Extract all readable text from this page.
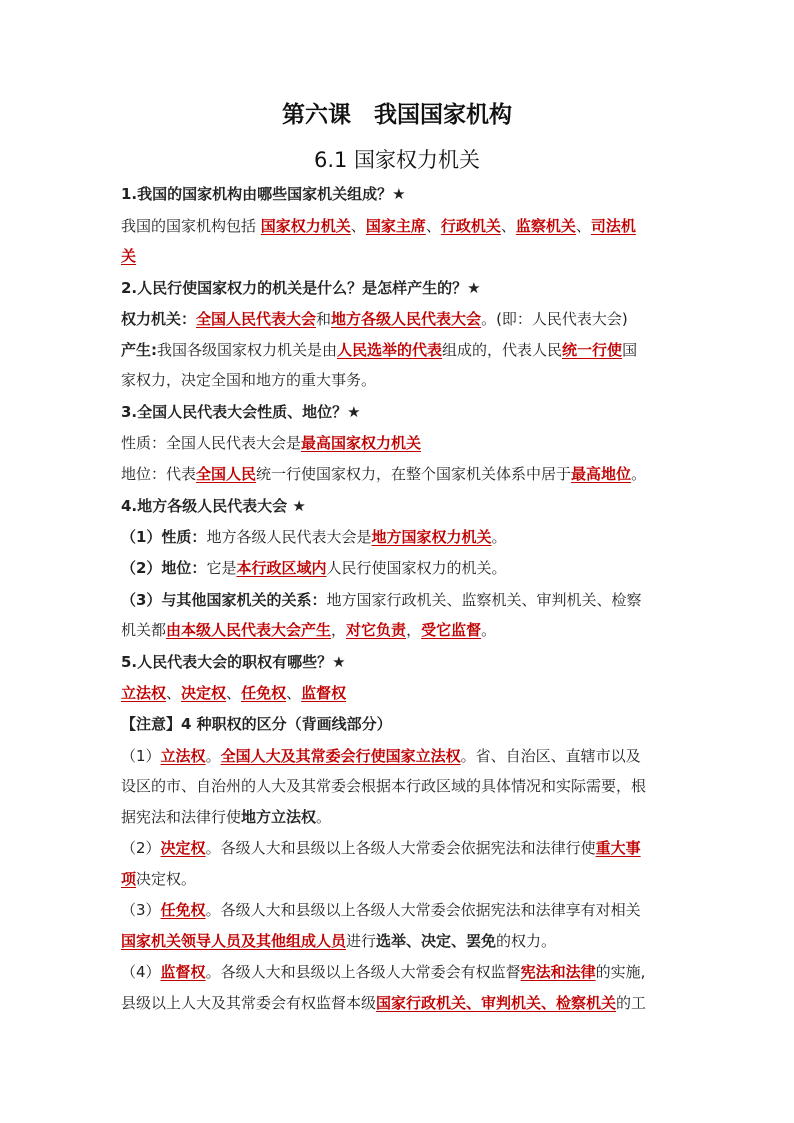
第六课　我国国家机构
6.1 国家权力机关
1.我国的国家机构由哪些国家机关组成？★
我国的国家机构包括 国家权力机关、国家主席、行政机关、监察机关、司法机
关
2.人民行使国家权力的机关是什么？是怎样产生的？★
权力机关：全国人民代表大会和地方各级人民代表大会。(即：人民代表大会)
产生:我国各级国家权力机关是由人民选举的代表组成的，代表人民统一行使国
家权力，决定全国和地方的重大事务。
3.全国人民代表大会性质、地位？★
性质：全国人民代表大会是最高国家权力机关
地位：代表全国人民统一行使国家权力，在整个国家机关体系中居于最高地位。
4.地方各级人民代表大会 ★
（1）性质：地方各级人民代表大会是地方国家权力机关。
（2）地位：它是本行政区域内人民行使国家权力的机关。
（3）与其他国家机关的关系：地方国家行政机关、监察机关、审判机关、检察
机关都由本级人民代表大会产生，对它负责，受它监督。
5.人民代表大会的职权有哪些？★
立法权、决定权、任免权、监督权
【注意】4 种职权的区分（背画线部分）
（1）立法权。全国人大及其常委会行使国家立法权。省、自治区、直辖市以及
设区的市、自治州的人大及其常委会根据本行政区域的具体情况和实际需要，根
据宪法和法律行使地方立法权。
（2）决定权。各级人大和县级以上各级人大常委会依据宪法和法律行使重大事
项决定权。
（3）任免权。各级人大和县级以上各级人大常委会依据宪法和法律享有对相关
国家机关领导人员及其他组成人员进行选举、决定、罢免的权力。
（4）监督权。各级人大和县级以上各级人大常委会有权监督宪法和法律的实施,
县级以上人大及其常委会有权监督本级国家行政机关、审判机关、检察机关的工
